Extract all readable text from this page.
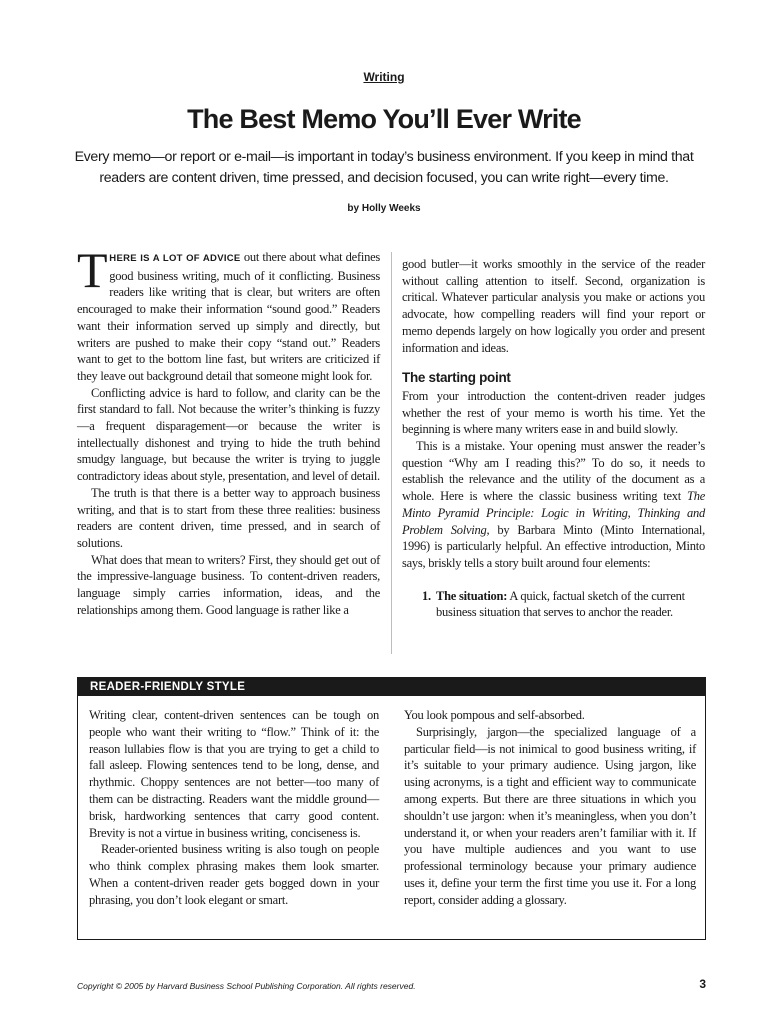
Writing
The Best Memo You’ll Ever Write
Every memo—or report or e-mail—is important in today’s business environment. If you keep in mind that readers are content driven, time pressed, and decision focused, you can write right—every time.
by Holly Weeks

THERE IS A LOT OF ADVICE out there about what defines good business writing, much of it conflicting. Business readers like writing that is clear, but writers are often encouraged to make their information “sound good.” Readers want their information served up simply and directly, but writers are pushed to make their copy “stand out.” Readers want to get to the bottom line fast, but writers are criticized if they leave out background detail that someone might look for.

Conflicting advice is hard to follow, and clarity can be the first standard to fall. Not because the writer’s thinking is fuzzy—a frequent disparagement—or because the writer is intellectually dishonest and trying to hide the truth behind smudgy language, but because the writer is trying to juggle contradictory ideas about style, presentation, and level of detail.

The truth is that there is a better way to approach business writing, and that is to start from these three realities: business readers are content driven, time pressed, and in search of solutions.

What does that mean to writers? First, they should get out of the impressive-language business. To content-driven readers, language simply carries information, ideas, and the relationships among them. Good language is rather like a

good butler—it works smoothly in the service of the reader without calling attention to itself. Second, organization is critical. Whatever particular analysis you make or actions you advocate, how compelling readers will find your report or memo depends largely on how logically you order and present information and ideas.

The starting point

From your introduction the content-driven reader judges whether the rest of your memo is worth his time. Yet the beginning is where many writers ease in and build slowly.

This is a mistake. Your opening must answer the reader’s question “Why am I reading this?” To do so, it needs to establish the relevance and the utility of the document as a whole. Here is where the classic business writing text The Minto Pyramid Principle: Logic in Writing, Thinking and Problem Solving, by Barbara Minto (Minto International, 1996) is particularly helpful. An effective introduction, Minto says, briskly tells a story built around four elements:

1. The situation: A quick, factual sketch of the current business situation that serves to anchor the reader.
READER-FRIENDLY STYLE

Writing clear, content-driven sentences can be tough on people who want their writing to “flow.” Think of it: the reason lullabies flow is that you are trying to get a child to fall asleep. Flowing sentences tend to be long, dense, and rhythmic. Choppy sentences are not better—too many of them can be distracting. Readers want the middle ground—brisk, hardworking sentences that carry good content. Brevity is not a virtue in business writing, conciseness is.

Reader-oriented business writing is also tough on people who think complex phrasing makes them look smarter. When a content-driven reader gets bogged down in your phrasing, you don’t look elegant or smart.

You look pompous and self-absorbed.

Surprisingly, jargon—the specialized language of a particular field—is not inimical to good business writing, if it’s suitable to your primary audience. Using jargon, like using acronyms, is a tight and efficient way to communicate among experts. But there are three situations in which you shouldn’t use jargon: when it’s meaningless, when you don’t understand it, or when your readers aren’t familiar with it. If you have multiple audiences and you want to use professional terminology because your primary audience uses it, define your term the first time you use it. For a long report, consider adding a glossary.

Copyright © 2005 by Harvard Business School Publishing Corporation. All rights reserved.	3
